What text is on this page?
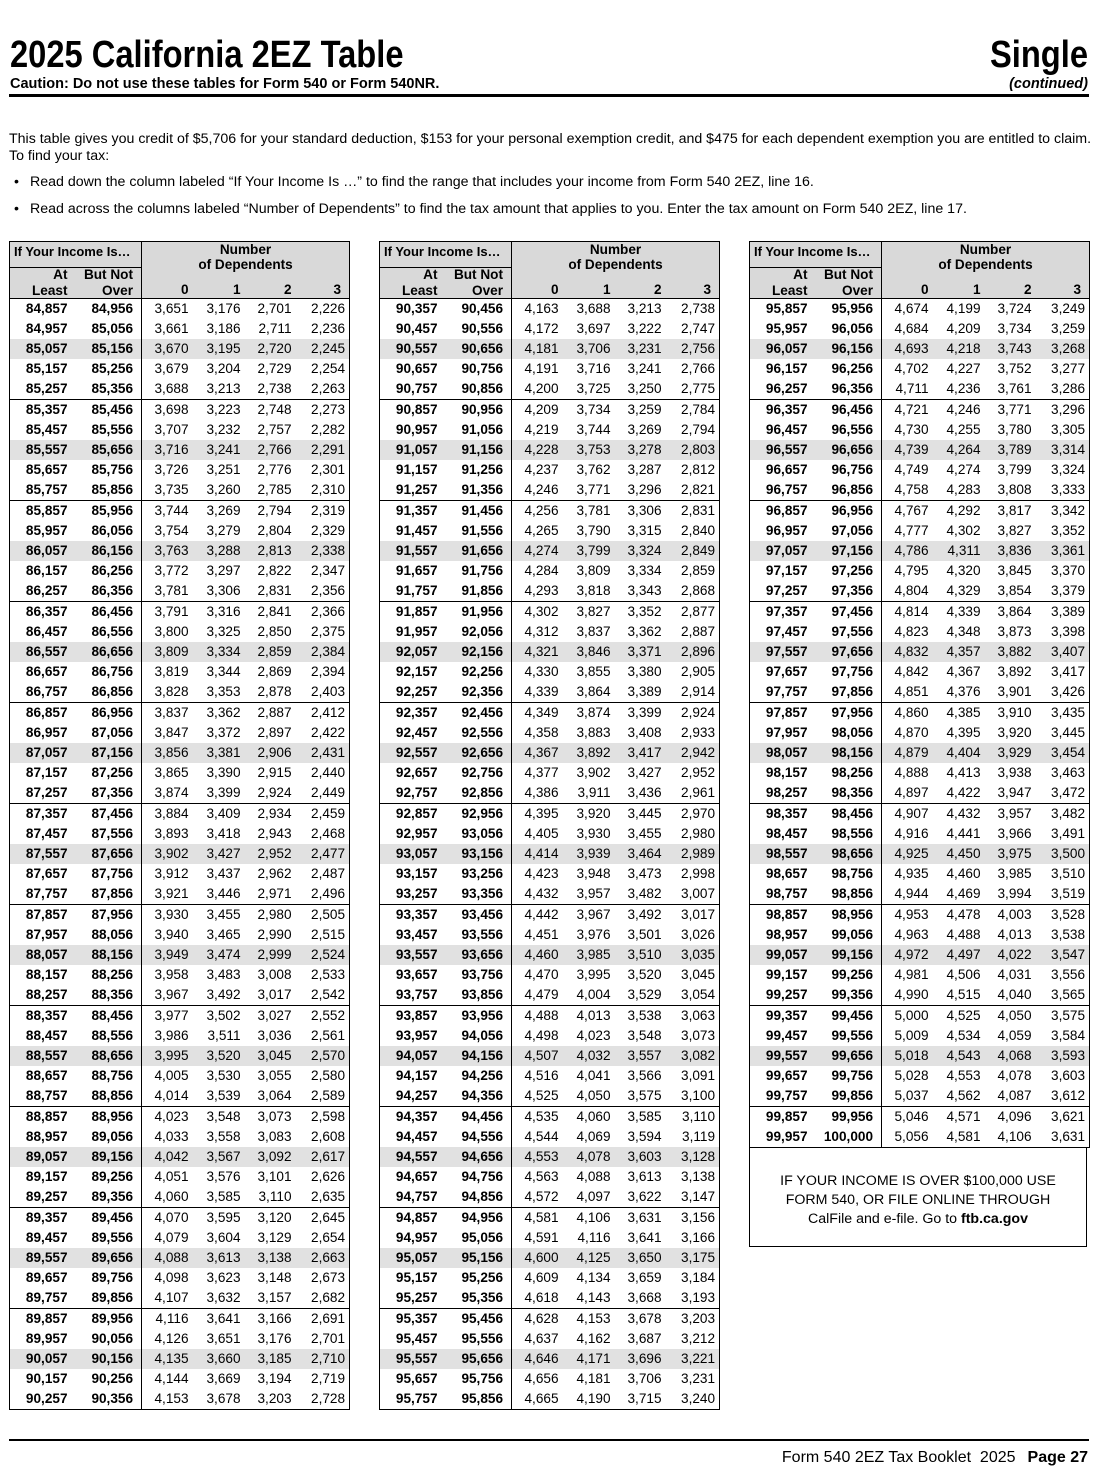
2025 California 2EZ Table	Single
Caution: Do not use these tables for Form 540 or Form 540NR.	(continued)
This table gives you credit of $5,706 for your standard deduction, $153 for your personal exemption credit, and $475 for each dependent exemption you are entitled to claim. To find your tax:
• Read down the column labeled “If Your Income Is …” to find the range that includes your income from Form 540 2EZ, line 16.
• Read across the columns labeled “Number of Dependents” to find the tax amount that applies to you. Enter the tax amount on Form 540 2EZ, line 17.
If Your Income Is…		Number
of Dependents			

At	But Not				
Least	Over	0	1	2	3
84,857	84,956	3,651	3,176	2,701	2,226
84,957	85,056	3,661	3,186	2,711	2,236
85,057	85,156	3,670	3,195	2,720	2,245
85,157	85,256	3,679	3,204	2,729	2,254
85,257	85,356	3,688	3,213	2,738	2,263
85,357	85,456	3,698	3,223	2,748	2,273
85,457	85,556	3,707	3,232	2,757	2,282
85,557	85,656	3,716	3,241	2,766	2,291
85,657	85,756	3,726	3,251	2,776	2,301
85,757	85,856	3,735	3,260	2,785	2,310
85,857	85,956	3,744	3,269	2,794	2,319
85,957	86,056	3,754	3,279	2,804	2,329
86,057	86,156	3,763	3,288	2,813	2,338
86,157	86,256	3,772	3,297	2,822	2,347
86,257	86,356	3,781	3,306	2,831	2,356
86,357	86,456	3,791	3,316	2,841	2,366
86,457	86,556	3,800	3,325	2,850	2,375
86,557	86,656	3,809	3,334	2,859	2,384
86,657	86,756	3,819	3,344	2,869	2,394
86,757	86,856	3,828	3,353	2,878	2,403
86,857	86,956	3,837	3,362	2,887	2,412
86,957	87,056	3,847	3,372	2,897	2,422
87,057	87,156	3,856	3,381	2,906	2,431
87,157	87,256	3,865	3,390	2,915	2,440
87,257	87,356	3,874	3,399	2,924	2,449
87,357	87,456	3,884	3,409	2,934	2,459
87,457	87,556	3,893	3,418	2,943	2,468
87,557	87,656	3,902	3,427	2,952	2,477
87,657	87,756	3,912	3,437	2,962	2,487
87,757	87,856	3,921	3,446	2,971	2,496
87,857	87,956	3,930	3,455	2,980	2,505
87,957	88,056	3,940	3,465	2,990	2,515
88,057	88,156	3,949	3,474	2,999	2,524
88,157	88,256	3,958	3,483	3,008	2,533
88,257	88,356	3,967	3,492	3,017	2,542
88,357	88,456	3,977	3,502	3,027	2,552
88,457	88,556	3,986	3,511	3,036	2,561
88,557	88,656	3,995	3,520	3,045	2,570
88,657	88,756	4,005	3,530	3,055	2,580
88,757	88,856	4,014	3,539	3,064	2,589
88,857	88,956	4,023	3,548	3,073	2,598
88,957	89,056	4,033	3,558	3,083	2,608
89,057	89,156	4,042	3,567	3,092	2,617
89,157	89,256	4,051	3,576	3,101	2,626
89,257	89,356	4,060	3,585	3,110	2,635
89,357	89,456	4,070	3,595	3,120	2,645
89,457	89,556	4,079	3,604	3,129	2,654
89,557	89,656	4,088	3,613	3,138	2,663
89,657	89,756	4,098	3,623	3,148	2,673
89,757	89,856	4,107	3,632	3,157	2,682
89,857	89,956	4,116	3,641	3,166	2,691
89,957	90,056	4,126	3,651	3,176	2,701
90,057	90,156	4,135	3,660	3,185	2,710
90,157	90,256	4,144	3,669	3,194	2,719
90,257	90,356	4,153	3,678	3,203	2,728
If Your Income Is…		Number
of Dependents			

At	But Not				
Least	Over	0	1	2	3
90,357	90,456	4,163	3,688	3,213	2,738
90,457	90,556	4,172	3,697	3,222	2,747
90,557	90,656	4,181	3,706	3,231	2,756
90,657	90,756	4,191	3,716	3,241	2,766
90,757	90,856	4,200	3,725	3,250	2,775
90,857	90,956	4,209	3,734	3,259	2,784
90,957	91,056	4,219	3,744	3,269	2,794
91,057	91,156	4,228	3,753	3,278	2,803
91,157	91,256	4,237	3,762	3,287	2,812
91,257	91,356	4,246	3,771	3,296	2,821
91,357	91,456	4,256	3,781	3,306	2,831
91,457	91,556	4,265	3,790	3,315	2,840
91,557	91,656	4,274	3,799	3,324	2,849
91,657	91,756	4,284	3,809	3,334	2,859
91,757	91,856	4,293	3,818	3,343	2,868
91,857	91,956	4,302	3,827	3,352	2,877
91,957	92,056	4,312	3,837	3,362	2,887
92,057	92,156	4,321	3,846	3,371	2,896
92,157	92,256	4,330	3,855	3,380	2,905
92,257	92,356	4,339	3,864	3,389	2,914
92,357	92,456	4,349	3,874	3,399	2,924
92,457	92,556	4,358	3,883	3,408	2,933
92,557	92,656	4,367	3,892	3,417	2,942
92,657	92,756	4,377	3,902	3,427	2,952
92,757	92,856	4,386	3,911	3,436	2,961
92,857	92,956	4,395	3,920	3,445	2,970
92,957	93,056	4,405	3,930	3,455	2,980
93,057	93,156	4,414	3,939	3,464	2,989
93,157	93,256	4,423	3,948	3,473	2,998
93,257	93,356	4,432	3,957	3,482	3,007
93,357	93,456	4,442	3,967	3,492	3,017
93,457	93,556	4,451	3,976	3,501	3,026
93,557	93,656	4,460	3,985	3,510	3,035
93,657	93,756	4,470	3,995	3,520	3,045
93,757	93,856	4,479	4,004	3,529	3,054
93,857	93,956	4,488	4,013	3,538	3,063
93,957	94,056	4,498	4,023	3,548	3,073
94,057	94,156	4,507	4,032	3,557	3,082
94,157	94,256	4,516	4,041	3,566	3,091
94,257	94,356	4,525	4,050	3,575	3,100
94,357	94,456	4,535	4,060	3,585	3,110
94,457	94,556	4,544	4,069	3,594	3,119
94,557	94,656	4,553	4,078	3,603	3,128
94,657	94,756	4,563	4,088	3,613	3,138
94,757	94,856	4,572	4,097	3,622	3,147
94,857	94,956	4,581	4,106	3,631	3,156
94,957	95,056	4,591	4,116	3,641	3,166
95,057	95,156	4,600	4,125	3,650	3,175
95,157	95,256	4,609	4,134	3,659	3,184
95,257	95,356	4,618	4,143	3,668	3,193
95,357	95,456	4,628	4,153	3,678	3,203
95,457	95,556	4,637	4,162	3,687	3,212
95,557	95,656	4,646	4,171	3,696	3,221
95,657	95,756	4,656	4,181	3,706	3,231
95,757	95,856	4,665	4,190	3,715	3,240
If Your Income Is…		Number
of Dependents			

At	But Not				
Least	Over	0	1	2	3
95,857	95,956	4,674	4,199	3,724	3,249
95,957	96,056	4,684	4,209	3,734	3,259
96,057	96,156	4,693	4,218	3,743	3,268
96,157	96,256	4,702	4,227	3,752	3,277
96,257	96,356	4,711	4,236	3,761	3,286
96,357	96,456	4,721	4,246	3,771	3,296
96,457	96,556	4,730	4,255	3,780	3,305
96,557	96,656	4,739	4,264	3,789	3,314
96,657	96,756	4,749	4,274	3,799	3,324
96,757	96,856	4,758	4,283	3,808	3,333
96,857	96,956	4,767	4,292	3,817	3,342
96,957	97,056	4,777	4,302	3,827	3,352
97,057	97,156	4,786	4,311	3,836	3,361
97,157	97,256	4,795	4,320	3,845	3,370
97,257	97,356	4,804	4,329	3,854	3,379
97,357	97,456	4,814	4,339	3,864	3,389
97,457	97,556	4,823	4,348	3,873	3,398
97,557	97,656	4,832	4,357	3,882	3,407
97,657	97,756	4,842	4,367	3,892	3,417
97,757	97,856	4,851	4,376	3,901	3,426
97,857	97,956	4,860	4,385	3,910	3,435
97,957	98,056	4,870	4,395	3,920	3,445
98,057	98,156	4,879	4,404	3,929	3,454
98,157	98,256	4,888	4,413	3,938	3,463
98,257	98,356	4,897	4,422	3,947	3,472
98,357	98,456	4,907	4,432	3,957	3,482
98,457	98,556	4,916	4,441	3,966	3,491
98,557	98,656	4,925	4,450	3,975	3,500
98,657	98,756	4,935	4,460	3,985	3,510
98,757	98,856	4,944	4,469	3,994	3,519
98,857	98,956	4,953	4,478	4,003	3,528
98,957	99,056	4,963	4,488	4,013	3,538
99,057	99,156	4,972	4,497	4,022	3,547
99,157	99,256	4,981	4,506	4,031	3,556
99,257	99,356	4,990	4,515	4,040	3,565
99,357	99,456	5,000	4,525	4,050	3,575
99,457	99,556	5,009	4,534	4,059	3,584
99,557	99,656	5,018	4,543	4,068	3,593
99,657	99,756	5,028	4,553	4,078	3,603
99,757	99,856	5,037	4,562	4,087	3,612
99,857	99,956	5,046	4,571	4,096	3,621
99,957	100,000	5,056	4,581	4,106	3,631
IF YOUR INCOME IS OVER $100,000 USE
FORM 540, OR FILE ONLINE THROUGH
CalFile and e-file. Go to ftb.ca.gov
Form 540 2EZ Tax Booklet  2025 Page 27
